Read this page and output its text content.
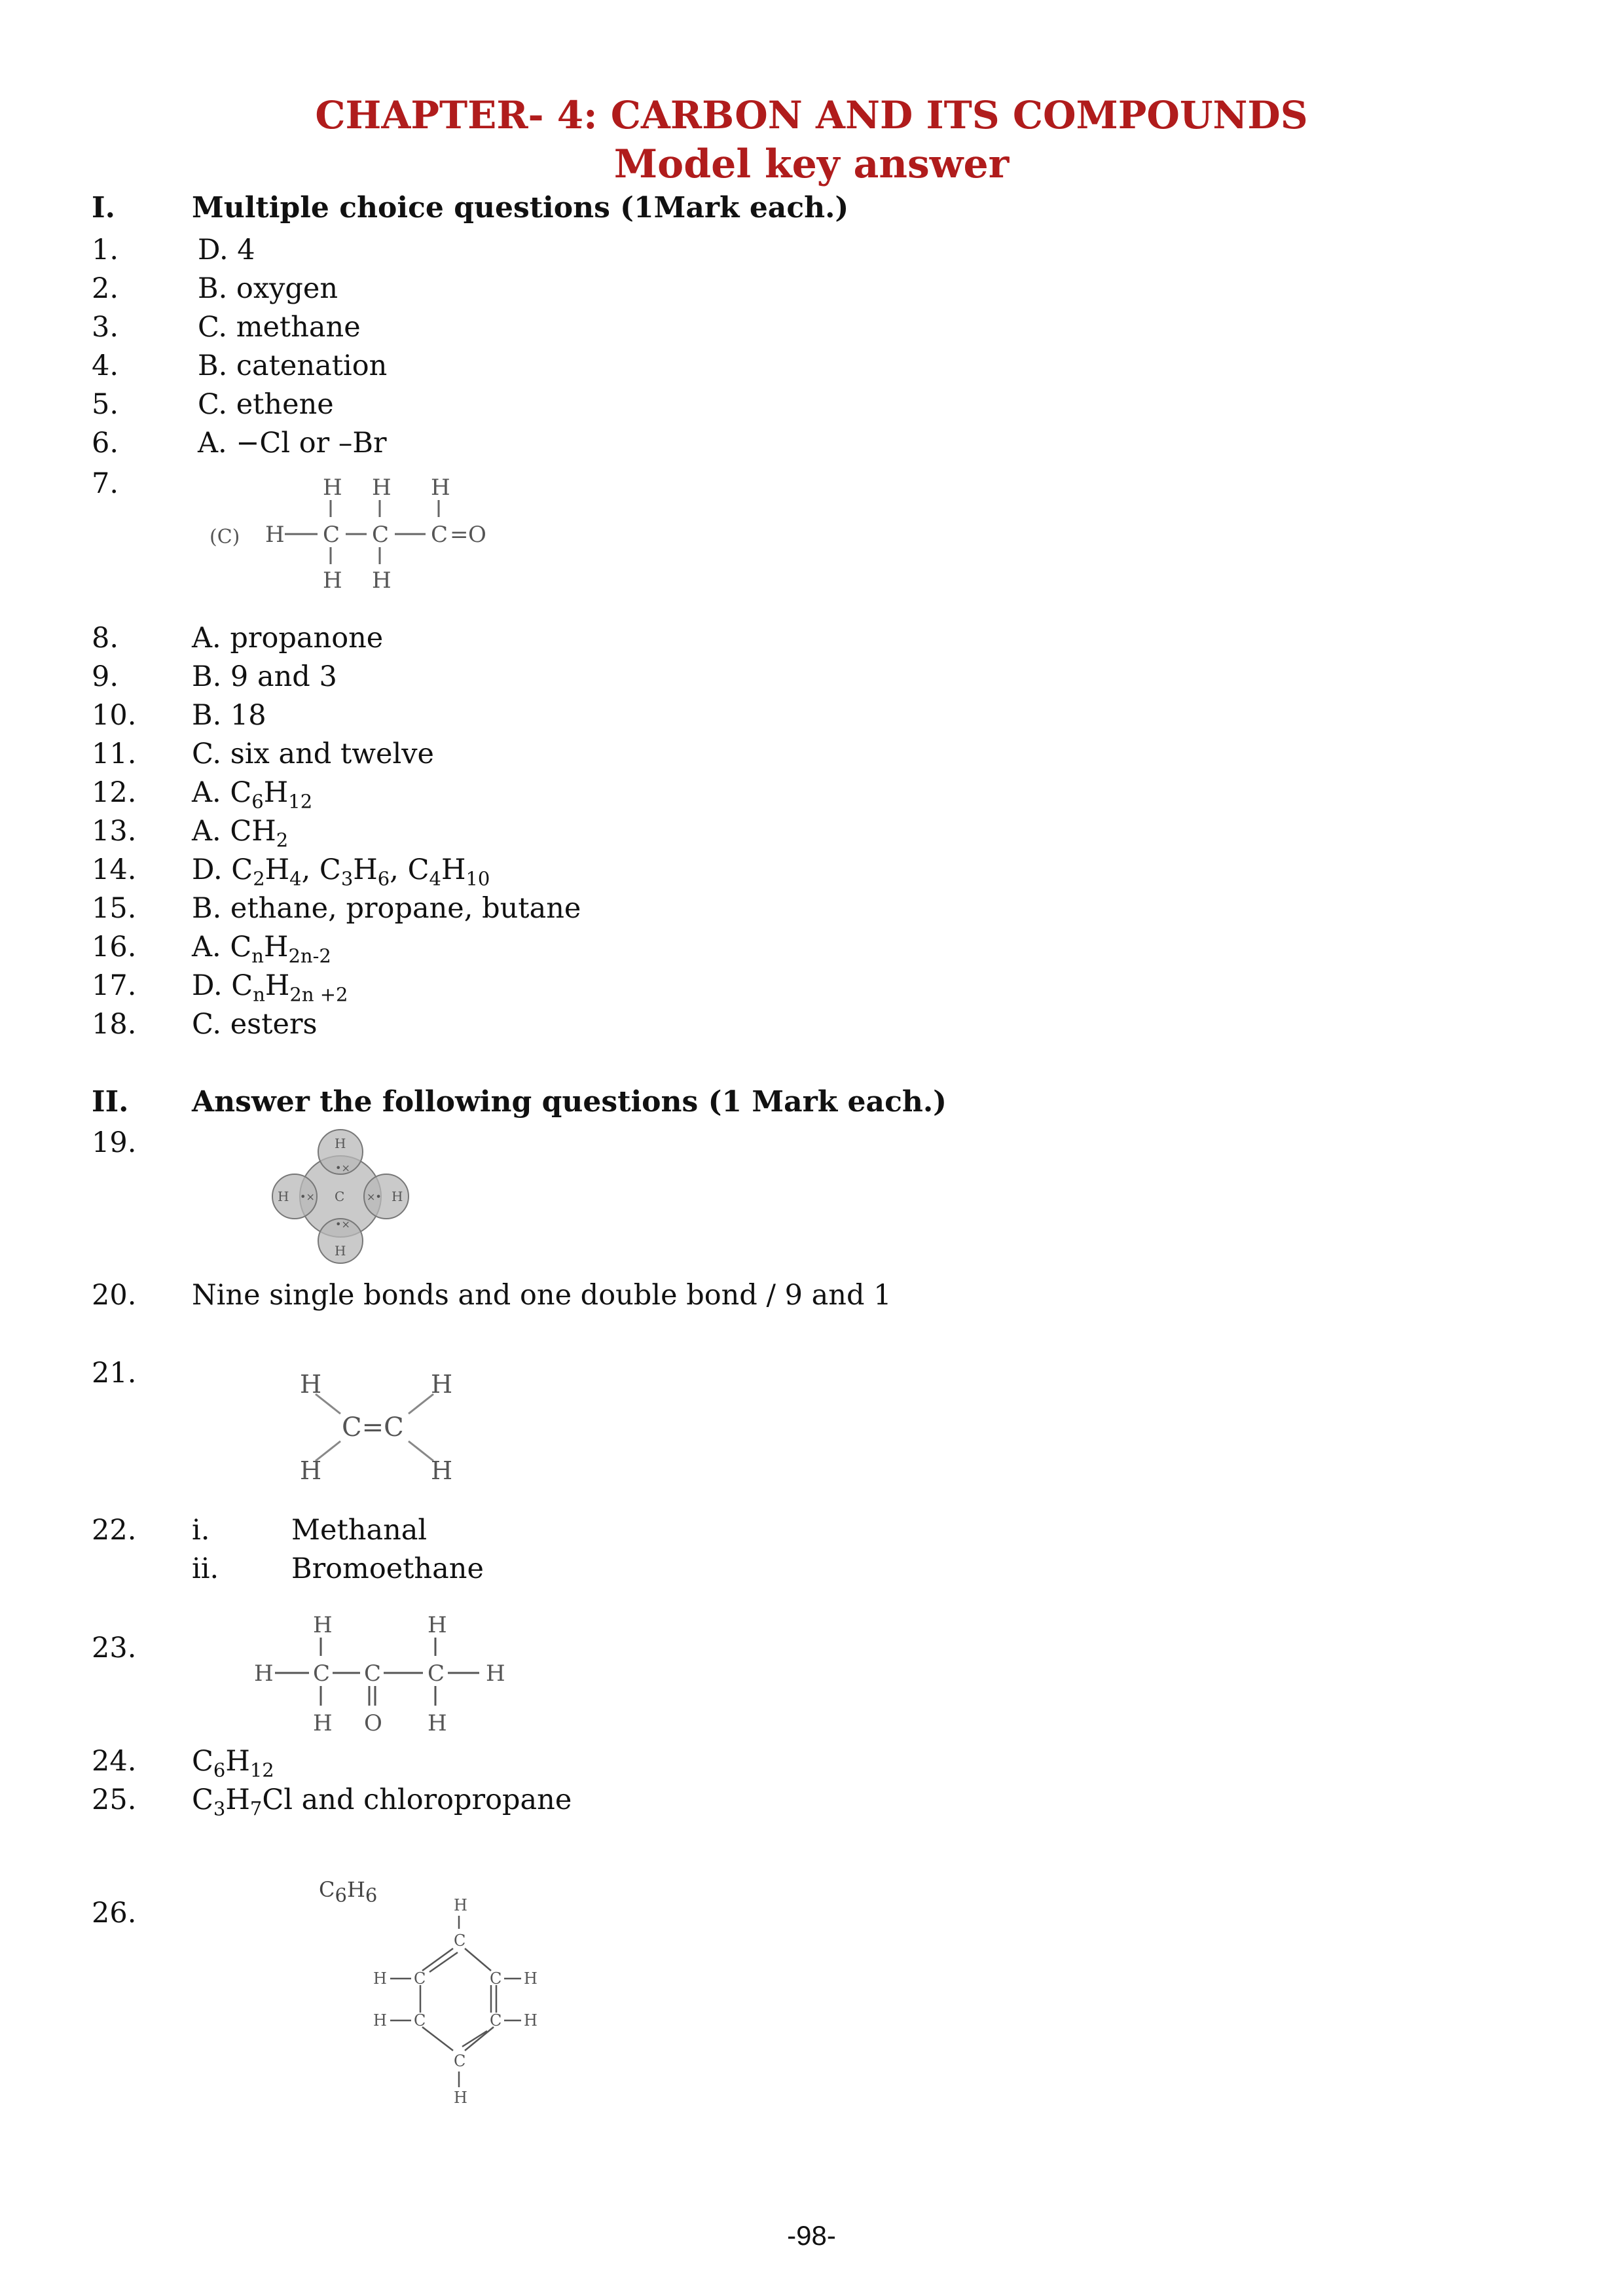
CHAPTER- 4: CARBON AND ITS COMPOUNDS
Model key answer
I.	Multiple choice questions (1Mark each.)
1.	D. 4
2.	B. oxygen
3.	C. methane
4.	B. catenation
5.	C. ethene
6.	A. −Cl or –Br
7.
(C)
H H H
H C C C = O
H H
8.	A. propanone
9.	B. 9 and 3
10. B. 18
11. C. six and twelve
12. A. $C_6H_{12}$
13. A. $CH_2$
14. D. $C_2H_4$, $C_3H_6$, $C_4H_{10}$
15. B. ethane, propane, butane
16. A. $C_nH_{2n-2}$
17. D. $C_nH_{2n +2}$
18. C. esters
II. Answer the following questions (1 Mark each.)
19.	H
H
H	H
C
•×	×•
•×
•×
20. Nine single bonds and one double bond / 9 and 1
21.	H	H
H	H
C=C
22. i.	Methanal
ii.	Bromoethane
23.
H	H
H C C C H
H O H
24. $C_6H_{12}$
25. $C_3H_7Cl$ and chloropropane
$C_6H_6$
26.	H
C
H C	C H
H C	C H
C
H
-98-
